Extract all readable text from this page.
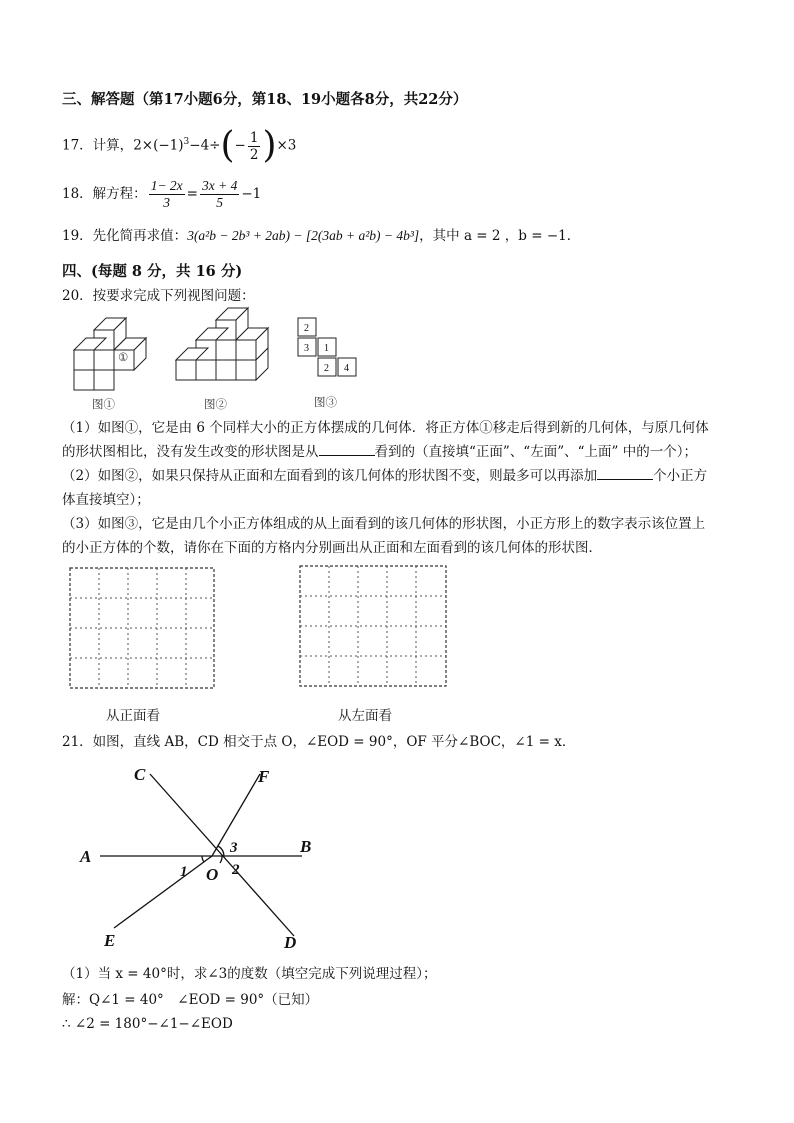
三、解答题（第17小题6分，第18、19小题各8分，共22分）
17．计算，$2\times(-1)^3-4\div(- \frac{1}{2} )\times 3$
18．解方程： $\frac{1- 2x}{3} = \frac{3x + 4}{5} -1$
19．先化简再求值：3(a²b − 2b³ + 2ab) − [2(3ab + a²b) − 4b³]，其中 a = 2 ，b = −1．
四、(每题 8 分，共 16 分)
20．按要求完成下列视图问题：
①
图①	图②
2
3 1
2 4
图③
（1）如图①，它是由 6 个同样大小的正方体摆成的几何体．将正方体①移走后得到新的几何体，与原几何体
的形状图相比，没有发生改变的形状图是从	看到的（直接填“正面”、“左面”、“上面” 中的一个）；
（2）如图②，如果只保持从正面和左面看到的该几何体的形状图不变，则最多可以再添加	个小正方
体直接填空）；
（3）如图③，它是由几个小正方体组成的从上面看到的该几何体的形状图，小正方形上的数字表示该位置上
的小正方体的个数，请你在下面的方格内分别画出从正面和左面看到的该几何体的形状图．
从正面看	从左面看
21．如图，直线 AB，CD 相交于点 O，∠EOD = 90°，OF 平分∠BOC，∠1 = x．
A
B
C
D
E
F
O
1	2
3
（1）当 x = 40°时，求∠3的度数（填空完成下列说理过程）；
解：Q∠1 = 40°　∠EOD = 90°（已知）
∴ ∠2 = 180°−∠1−∠EOD
